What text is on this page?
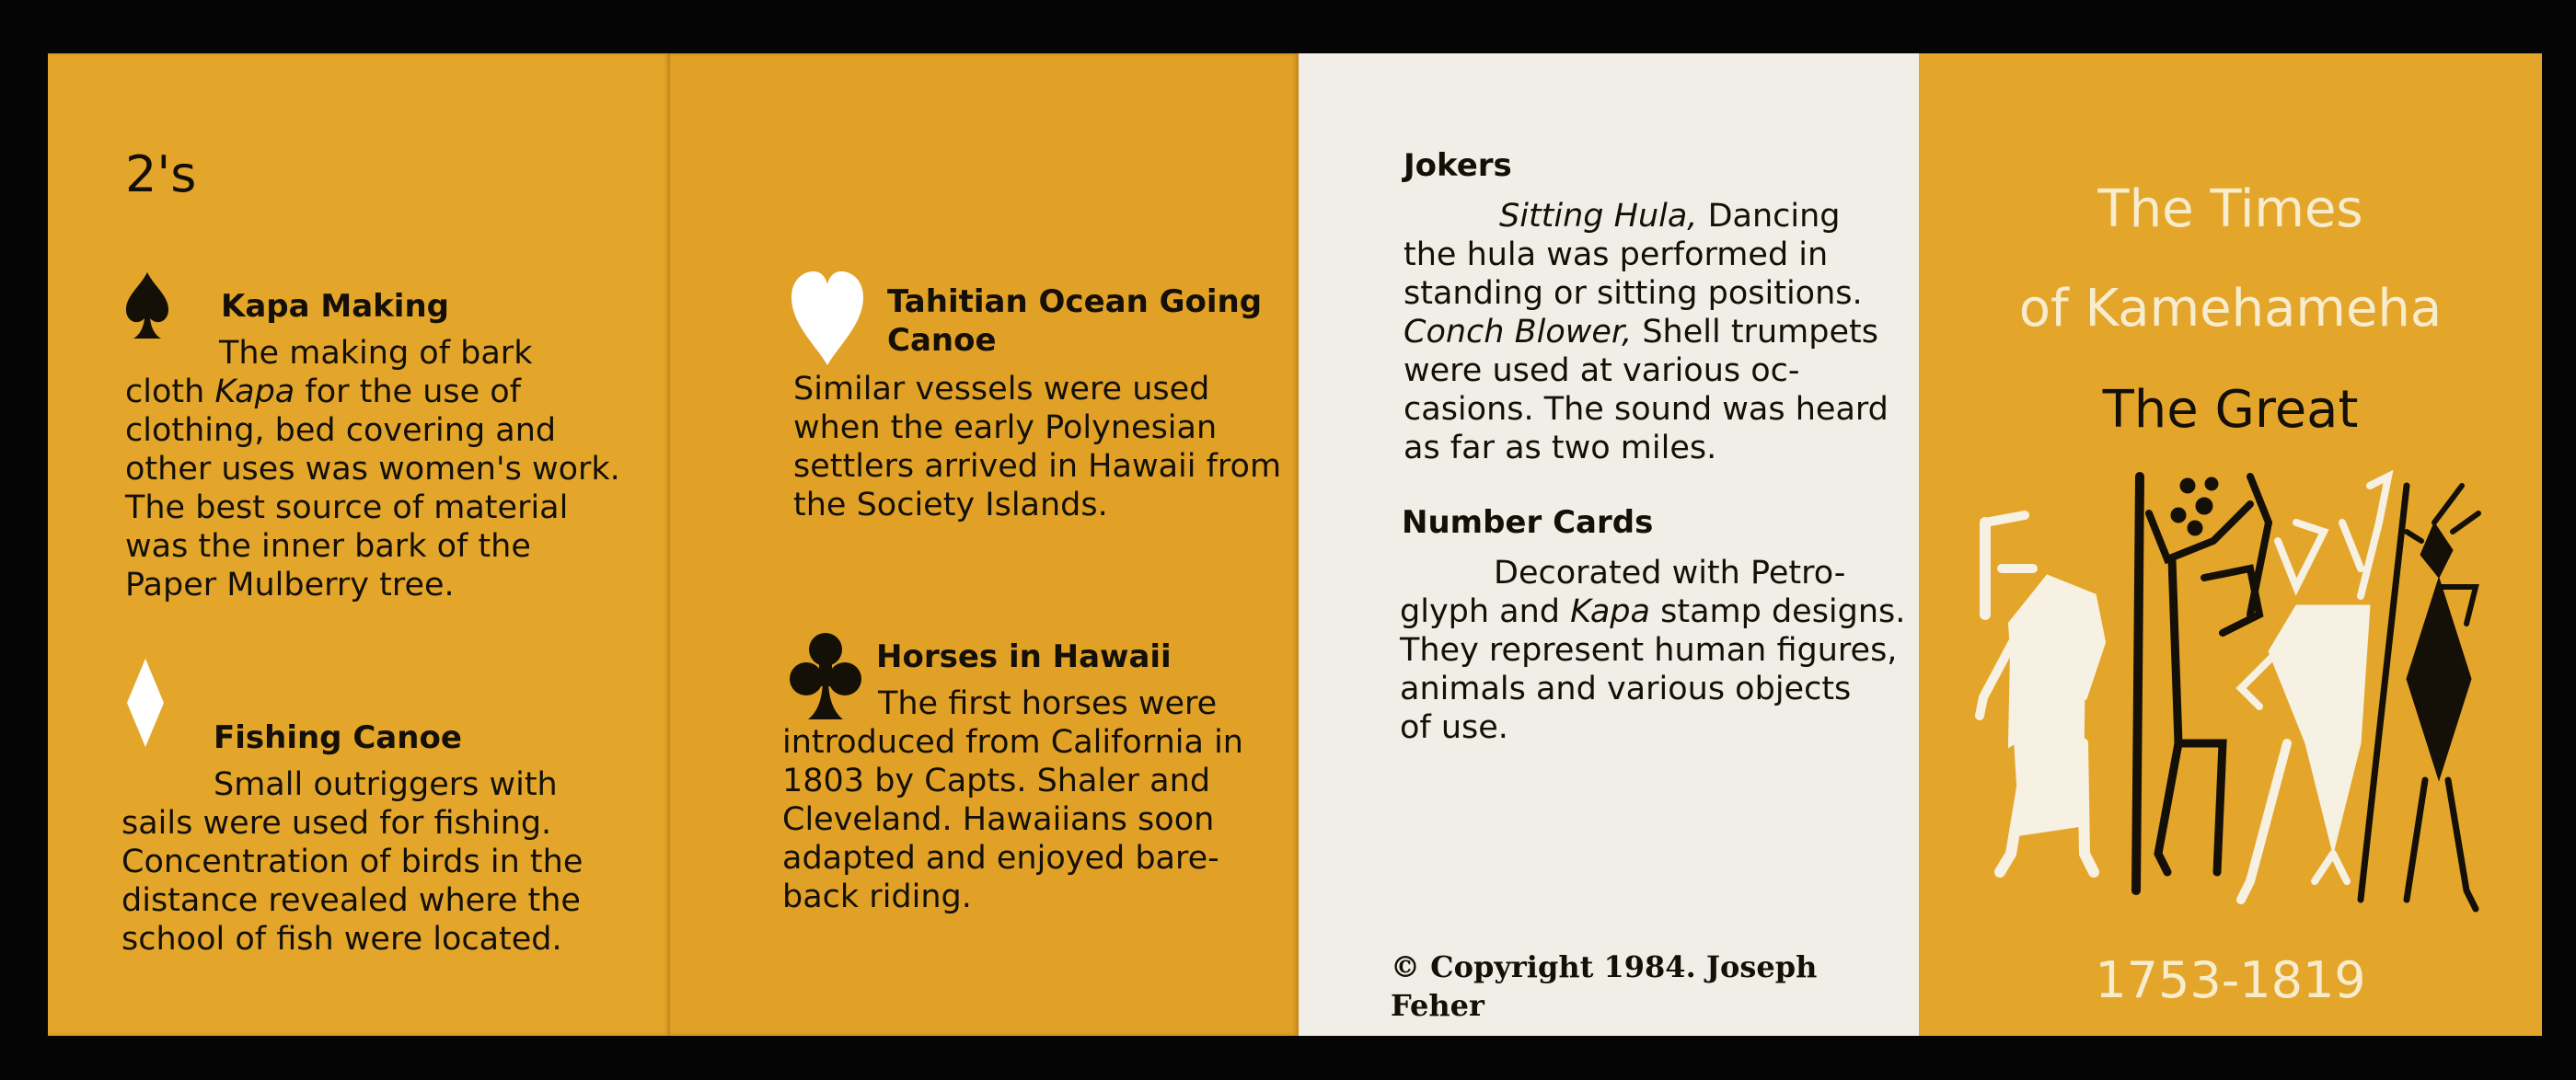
2's
Kapa Making
The making of bark
cloth Kapa for the use of
clothing, bed covering and
other uses was women's work.
The best source of material
was the inner bark of the
Paper Mulberry tree.
Fishing Canoe
Small outriggers with
sails were used for fishing.
Concentration of birds in the
distance revealed where the
school of fish were located.
Tahitian Ocean Going
Canoe
Similar vessels were used
when the early Polynesian
settlers arrived in Hawaii from
the Society Islands.
Horses in Hawaii
The first horses were
introduced from California in
1803 by Capts. Shaler and
Cleveland. Hawaiians soon
adapted and enjoyed bare-
back riding.
Jokers
Sitting Hula, Dancing
the hula was performed in
standing or sitting positions.
Conch Blower, Shell trumpets
were used at various oc-
casions. The sound was heard
as far as two miles.
Number Cards
Decorated with Petro-
glyph and Kapa stamp designs.
They represent human figures,
animals and various objects
of use.
© Copyright 1984. Joseph Feher
The Times
of Kamehameha
The Great
1753-1819
